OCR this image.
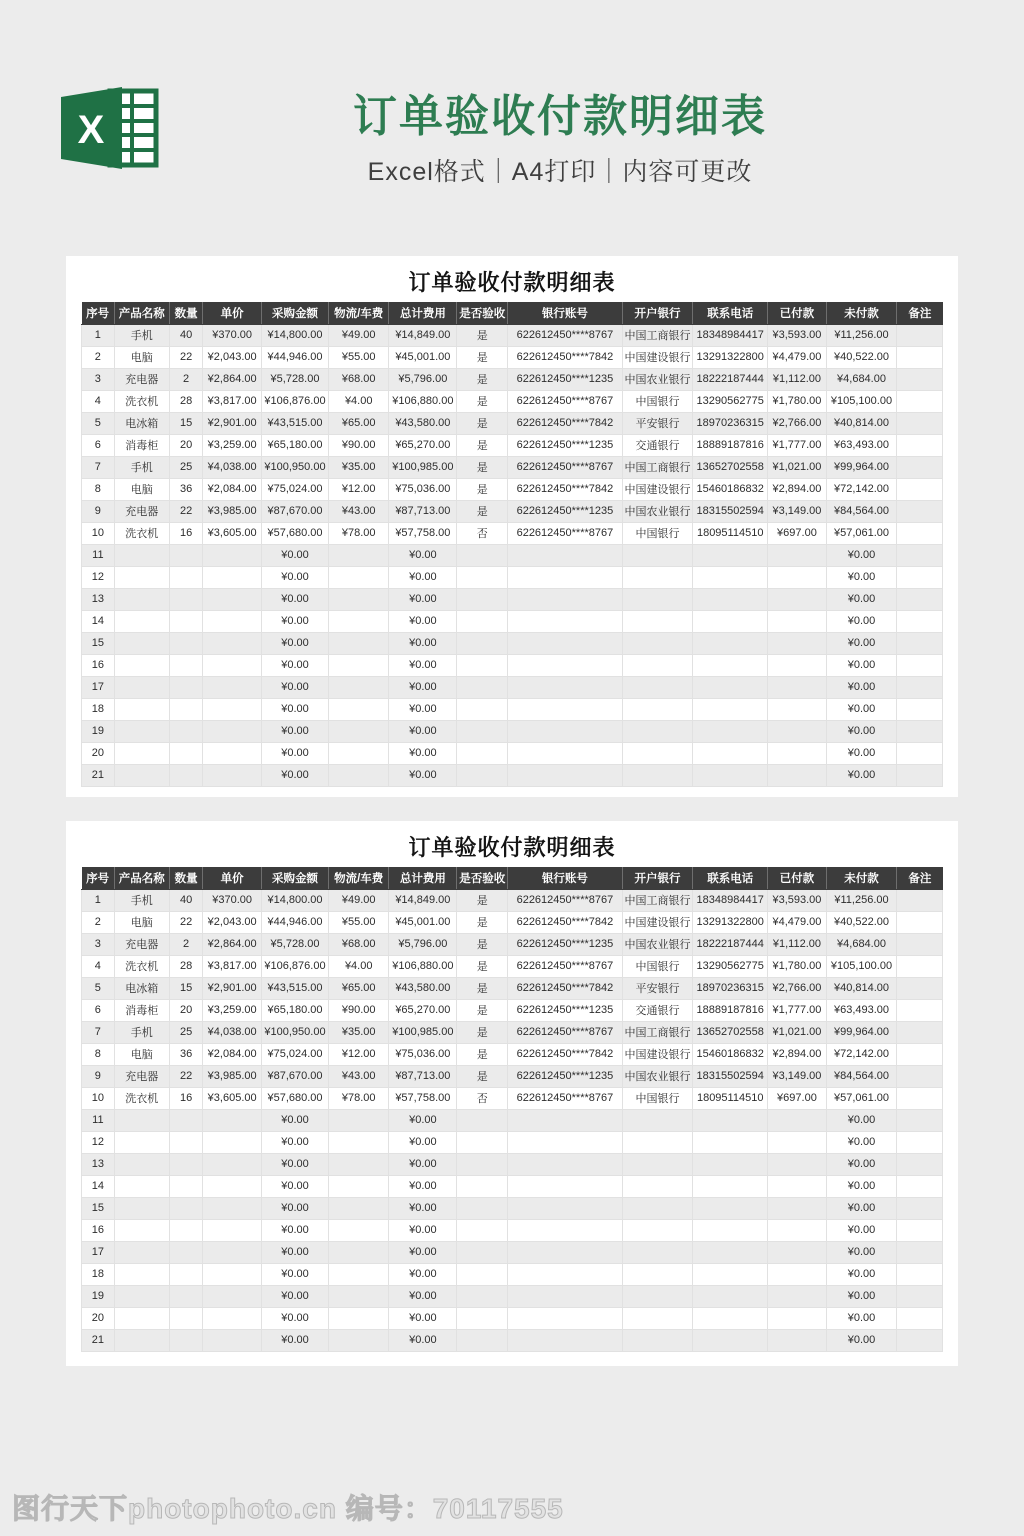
X	订单验收付款明细表
Excel格式｜A4打印｜内容可更改
订单验收付款明细表
序号	产品名称	数量	单价	采购金额	物流/车费	总计费用	是否验收	银行账号	开户银行	联系电话	已付款	未付款	备注
1	手机	40	¥370.00	¥14,800.00	¥49.00	¥14,849.00	是	622612450****8767	中国工商银行	18348984417	¥3,593.00	¥11,256.00	
2	电脑	22	¥2,043.00	¥44,946.00	¥55.00	¥45,001.00	是	622612450****7842	中国建设银行	13291322800	¥4,479.00	¥40,522.00	
3	充电器	2	¥2,864.00	¥5,728.00	¥68.00	¥5,796.00	是	622612450****1235	中国农业银行	18222187444	¥1,112.00	¥4,684.00	
4	洗衣机	28	¥3,817.00	¥106,876.00	¥4.00	¥106,880.00	是	622612450****8767	中国银行	13290562775	¥1,780.00	¥105,100.00	
5	电冰箱	15	¥2,901.00	¥43,515.00	¥65.00	¥43,580.00	是	622612450****7842	平安银行	18970236315	¥2,766.00	¥40,814.00	
6	消毒柜	20	¥3,259.00	¥65,180.00	¥90.00	¥65,270.00	是	622612450****1235	交通银行	18889187816	¥1,777.00	¥63,493.00	
7	手机	25	¥4,038.00	¥100,950.00	¥35.00	¥100,985.00	是	622612450****8767	中国工商银行	13652702558	¥1,021.00	¥99,964.00	
8	电脑	36	¥2,084.00	¥75,024.00	¥12.00	¥75,036.00	是	622612450****7842	中国建设银行	15460186832	¥2,894.00	¥72,142.00	
9	充电器	22	¥3,985.00	¥87,670.00	¥43.00	¥87,713.00	是	622612450****1235	中国农业银行	18315502594	¥3,149.00	¥84,564.00	
10	洗衣机	16	¥3,605.00	¥57,680.00	¥78.00	¥57,758.00	否	622612450****8767	中国银行	18095114510	¥697.00	¥57,061.00	
11				¥0.00		¥0.00						¥0.00	
12				¥0.00		¥0.00						¥0.00	
13				¥0.00		¥0.00						¥0.00	
14				¥0.00		¥0.00						¥0.00	
15				¥0.00		¥0.00						¥0.00	
16				¥0.00		¥0.00						¥0.00	
17				¥0.00		¥0.00						¥0.00	
18				¥0.00		¥0.00						¥0.00	
19				¥0.00		¥0.00						¥0.00	
20				¥0.00		¥0.00						¥0.00	
21				¥0.00		¥0.00						¥0.00	
订单验收付款明细表
序号	产品名称	数量	单价	采购金额	物流/车费	总计费用	是否验收	银行账号	开户银行	联系电话	已付款	未付款	备注
1	手机	40	¥370.00	¥14,800.00	¥49.00	¥14,849.00	是	622612450****8767	中国工商银行	18348984417	¥3,593.00	¥11,256.00	
2	电脑	22	¥2,043.00	¥44,946.00	¥55.00	¥45,001.00	是	622612450****7842	中国建设银行	13291322800	¥4,479.00	¥40,522.00	
3	充电器	2	¥2,864.00	¥5,728.00	¥68.00	¥5,796.00	是	622612450****1235	中国农业银行	18222187444	¥1,112.00	¥4,684.00	
4	洗衣机	28	¥3,817.00	¥106,876.00	¥4.00	¥106,880.00	是	622612450****8767	中国银行	13290562775	¥1,780.00	¥105,100.00	
5	电冰箱	15	¥2,901.00	¥43,515.00	¥65.00	¥43,580.00	是	622612450****7842	平安银行	18970236315	¥2,766.00	¥40,814.00	
6	消毒柜	20	¥3,259.00	¥65,180.00	¥90.00	¥65,270.00	是	622612450****1235	交通银行	18889187816	¥1,777.00	¥63,493.00	
7	手机	25	¥4,038.00	¥100,950.00	¥35.00	¥100,985.00	是	622612450****8767	中国工商银行	13652702558	¥1,021.00	¥99,964.00	
8	电脑	36	¥2,084.00	¥75,024.00	¥12.00	¥75,036.00	是	622612450****7842	中国建设银行	15460186832	¥2,894.00	¥72,142.00	
9	充电器	22	¥3,985.00	¥87,670.00	¥43.00	¥87,713.00	是	622612450****1235	中国农业银行	18315502594	¥3,149.00	¥84,564.00	
10	洗衣机	16	¥3,605.00	¥57,680.00	¥78.00	¥57,758.00	否	622612450****8767	中国银行	18095114510	¥697.00	¥57,061.00	
11				¥0.00		¥0.00						¥0.00	
12				¥0.00		¥0.00						¥0.00	
13				¥0.00		¥0.00						¥0.00	
14				¥0.00		¥0.00						¥0.00	
15				¥0.00		¥0.00						¥0.00	
16				¥0.00		¥0.00						¥0.00	
17				¥0.00		¥0.00						¥0.00	
18				¥0.00		¥0.00						¥0.00	
19				¥0.00		¥0.00						¥0.00	
20				¥0.00		¥0.00						¥0.00	
21				¥0.00		¥0.00						¥0.00	
图行天下photophoto.cn 编号：70117555
